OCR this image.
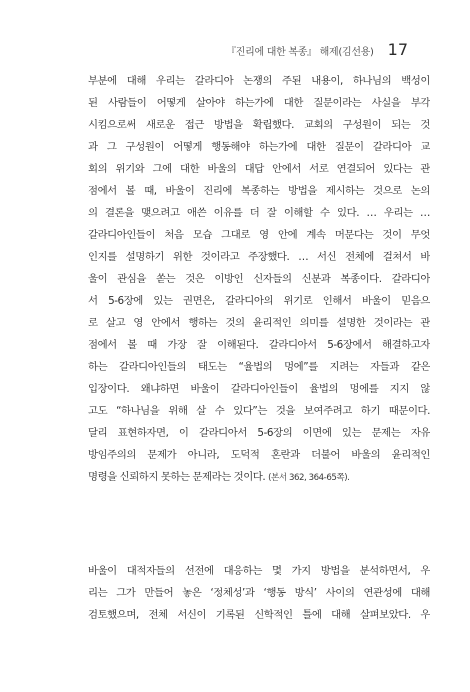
『진리에 대한 복종』 해제(김선용) 17
부분에 대해 우리는 갈라디아 논쟁의 주된 내용이, 하나님의 백성이
된 사람들이 어떻게 살아야 하는가에 대한 질문이라는 사실을 부각
시킴으로써 새로운 접근 방법을 확립했다. 교회의 구성원이 되는 것
과 그 구성원이 어떻게 행동해야 하는가에 대한 질문이 갈라디아 교
회의 위기와 그에 대한 바울의 대답 안에서 서로 연결되어 있다는 관
점에서 볼 때, 바울이 진리에 복종하는 방법을 제시하는 것으로 논의
의 결론을 맺으려고 애쓴 이유를 더 잘 이해할 수 있다. … 우리는 …
갈라디아인들이 처음 모습 그대로 영 안에 계속 머문다는 것이 무엇
인지를 설명하기 위한 것이라고 주장했다. … 서신 전체에 걸쳐서 바
울이 관심을 쏟는 것은 이방인 신자들의 신분과 복종이다. 갈라디아
서 5-6장에 있는 권면은, 갈라디아의 위기로 인해서 바울이 믿음으
로 살고 영 안에서 행하는 것의 윤리적인 의미를 설명한 것이라는 관
점에서 볼 때 가장 잘 이해된다. 갈라디아서 5-6장에서 해결하고자
하는 갈라디아인들의 태도는 “율법의 멍에”를 지려는 자들과 같은
입장이다. 왜냐하면 바울이 갈라디아인들이 율법의 멍에를 지지 않
고도 “하나님을 위해 살 수 있다”는 것을 보여주려고 하기 때문이다.
달리 표현하자면, 이 갈라디아서 5-6장의 이면에 있는 문제는 자유
방임주의의 문제가 아니라, 도덕적 혼란과 더불어 바울의 윤리적인
명령을 신뢰하지 못하는 문제라는 것이다. (본서 362, 364-65쪽).
바울이 대적자들의 선전에 대응하는 몇 가지 방법을 분석하면서, 우
리는 그가 만들어 놓은 ‘정체성’과 ‘행동 방식’ 사이의 연관성에 대해
검토했으며, 전체 서신이 기록된 신학적인 틀에 대해 살펴보았다. 우
